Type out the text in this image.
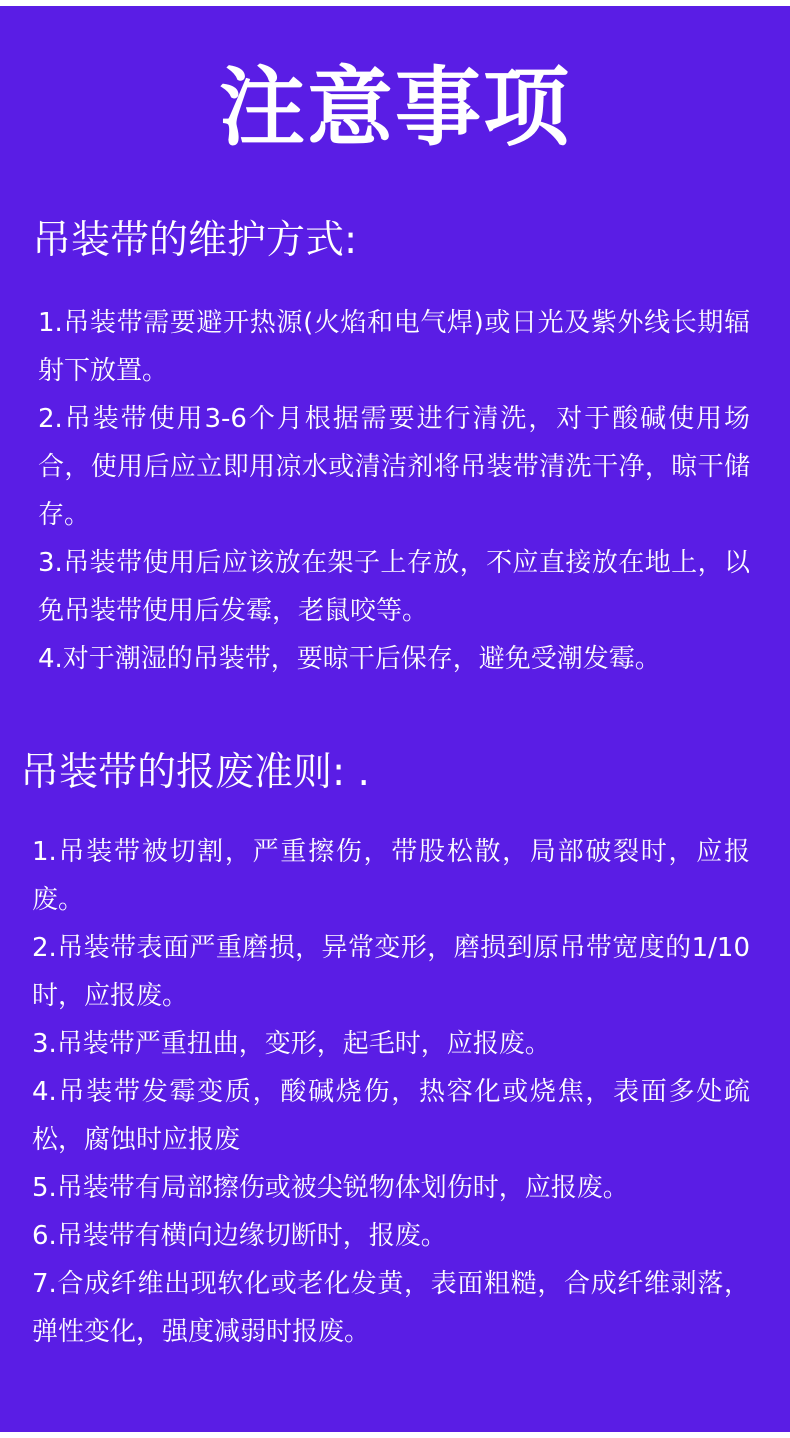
注意事项
吊装带的维护方式:
1.吊装带需要避开热源(火焰和电气焊)或日光及紫外线长期辐射下放置。
2.吊装带使用3-6个月根据需要进行清洗，对于酸碱使用场合，使用后应立即用凉水或清洁剂将吊装带清洗干净，晾干储存。
3.吊装带使用后应该放在架子上存放，不应直接放在地上，以免吊装带使用后发霉，老鼠咬等。
4.对于潮湿的吊装带，要晾干后保存，避免受潮发霉。
吊装带的报废准则: .
1.吊装带被切割，严重擦伤，带股松散，局部破裂时，应报废。
2.吊装带表面严重磨损，异常变形，磨损到原吊带宽度的1/10时，应报废。
3.吊装带严重扭曲，变形，起毛时，应报废。
4.吊装带发霉变质，酸碱烧伤，热容化或烧焦，表面多处疏松，腐蚀时应报废
5.吊装带有局部擦伤或被尖锐物体划伤时，应报废。
6.吊装带有横向边缘切断时，报废。
7.合成纤维出现软化或老化发黄，表面粗糙，合成纤维剥落，弹性变化，强度减弱时报废。
